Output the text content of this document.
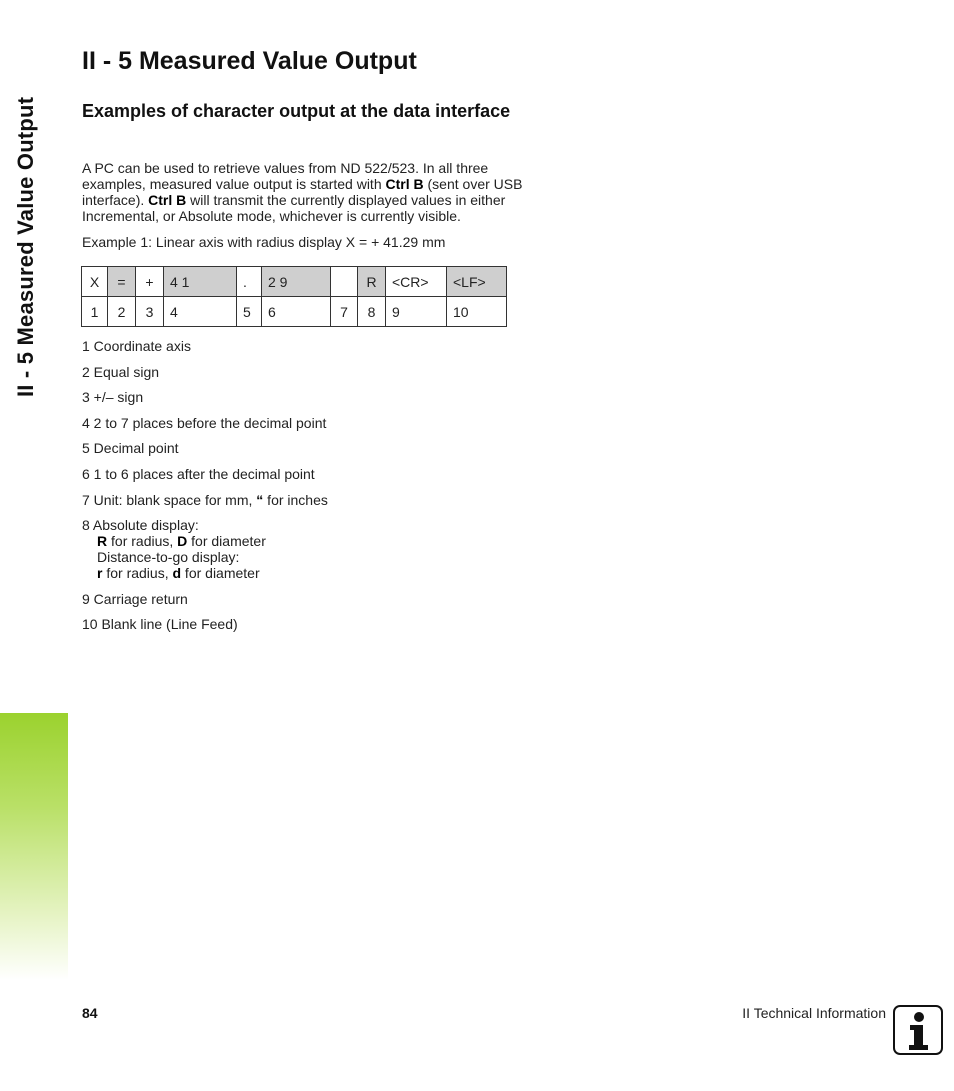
II - 5 Measured Value Output
II - 5 Measured Value Output
Examples of character output at the data interface

A PC can be used to retrieve values from ND 522/523. In all three examples, measured value output is started with Ctrl B (sent over USB interface). Ctrl B will transmit the currently displayed values in either Incremental, or Absolute mode, whichever is currently visible.

Example 1: Linear axis with radius display X = + 41.29 mm

X	=	+	4 1	.	2 9		R	<CR>	<LF>
1	2	3	4	5	6	7	8	9	10
1 Coordinate axis
2 Equal sign
3 +/– sign
4 2 to 7 places before the decimal point
5 Decimal point
6 1 to 6 places after the decimal point
7 Unit: blank space for mm, “ for inches
8 Absolute display:
R for radius, D for diameter
Distance-to-go display:
r for radius, d for diameter
9 Carriage return
10 Blank line (Line Feed)
84	II Technical Information
